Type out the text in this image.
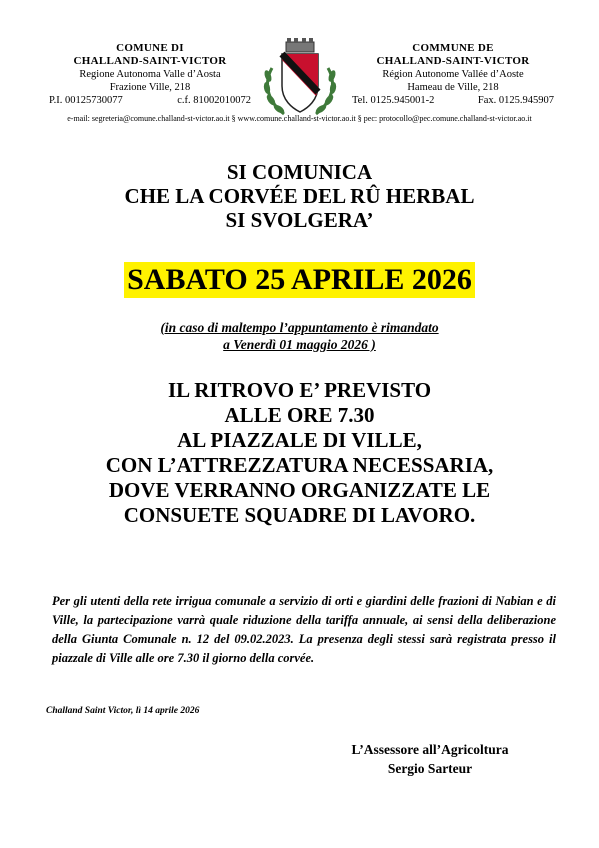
COMUNE DI
CHALLAND-SAINT-VICTOR
Regione Autonoma Valle d’Aosta
Frazione Ville, 218
P.I. 00125730077	c.f. 81002010072
COMMUNE DE
CHALLAND-SAINT-VICTOR
Région Autonome Vallée d’Aoste
Hameau de Ville, 218
Tel. 0125.945001-2	Fax. 0125.945907
e-mail: segreteria@comune.challand-st-victor.ao.it § www.comune.challand-st-victor.ao.it § pec: protocollo@pec.comune.challand-st-victor.ao.it
SI COMUNICA
CHE LA CORVÉE DEL RÛ HERBAL
SI SVOLGERA’
SABATO 25 APRILE 2026
(in caso di maltempo l’appuntamento è rimandato
a Venerdì 01 maggio 2026 )
IL RITROVO E’ PREVISTO
ALLE ORE 7.30
AL PIAZZALE DI VILLE,
CON L’ATTREZZATURA NECESSARIA,
DOVE VERRANNO ORGANIZZATE LE
CONSUETE SQUADRE DI LAVORO.
Per gli utenti della rete irrigua comunale a servizio di orti e giardini delle frazioni di Nabian e di Ville, la partecipazione varrà quale riduzione della tariffa annuale, ai sensi della deliberazione della Giunta Comunale n. 12 del 09.02.2023. La presenza degli stessi sarà registrata presso il piazzale di Ville alle ore 7.30 il giorno della corvée.
Challand Saint Victor, lì 14 aprile 2026
L’Assessore all’Agricoltura
Sergio Sarteur
